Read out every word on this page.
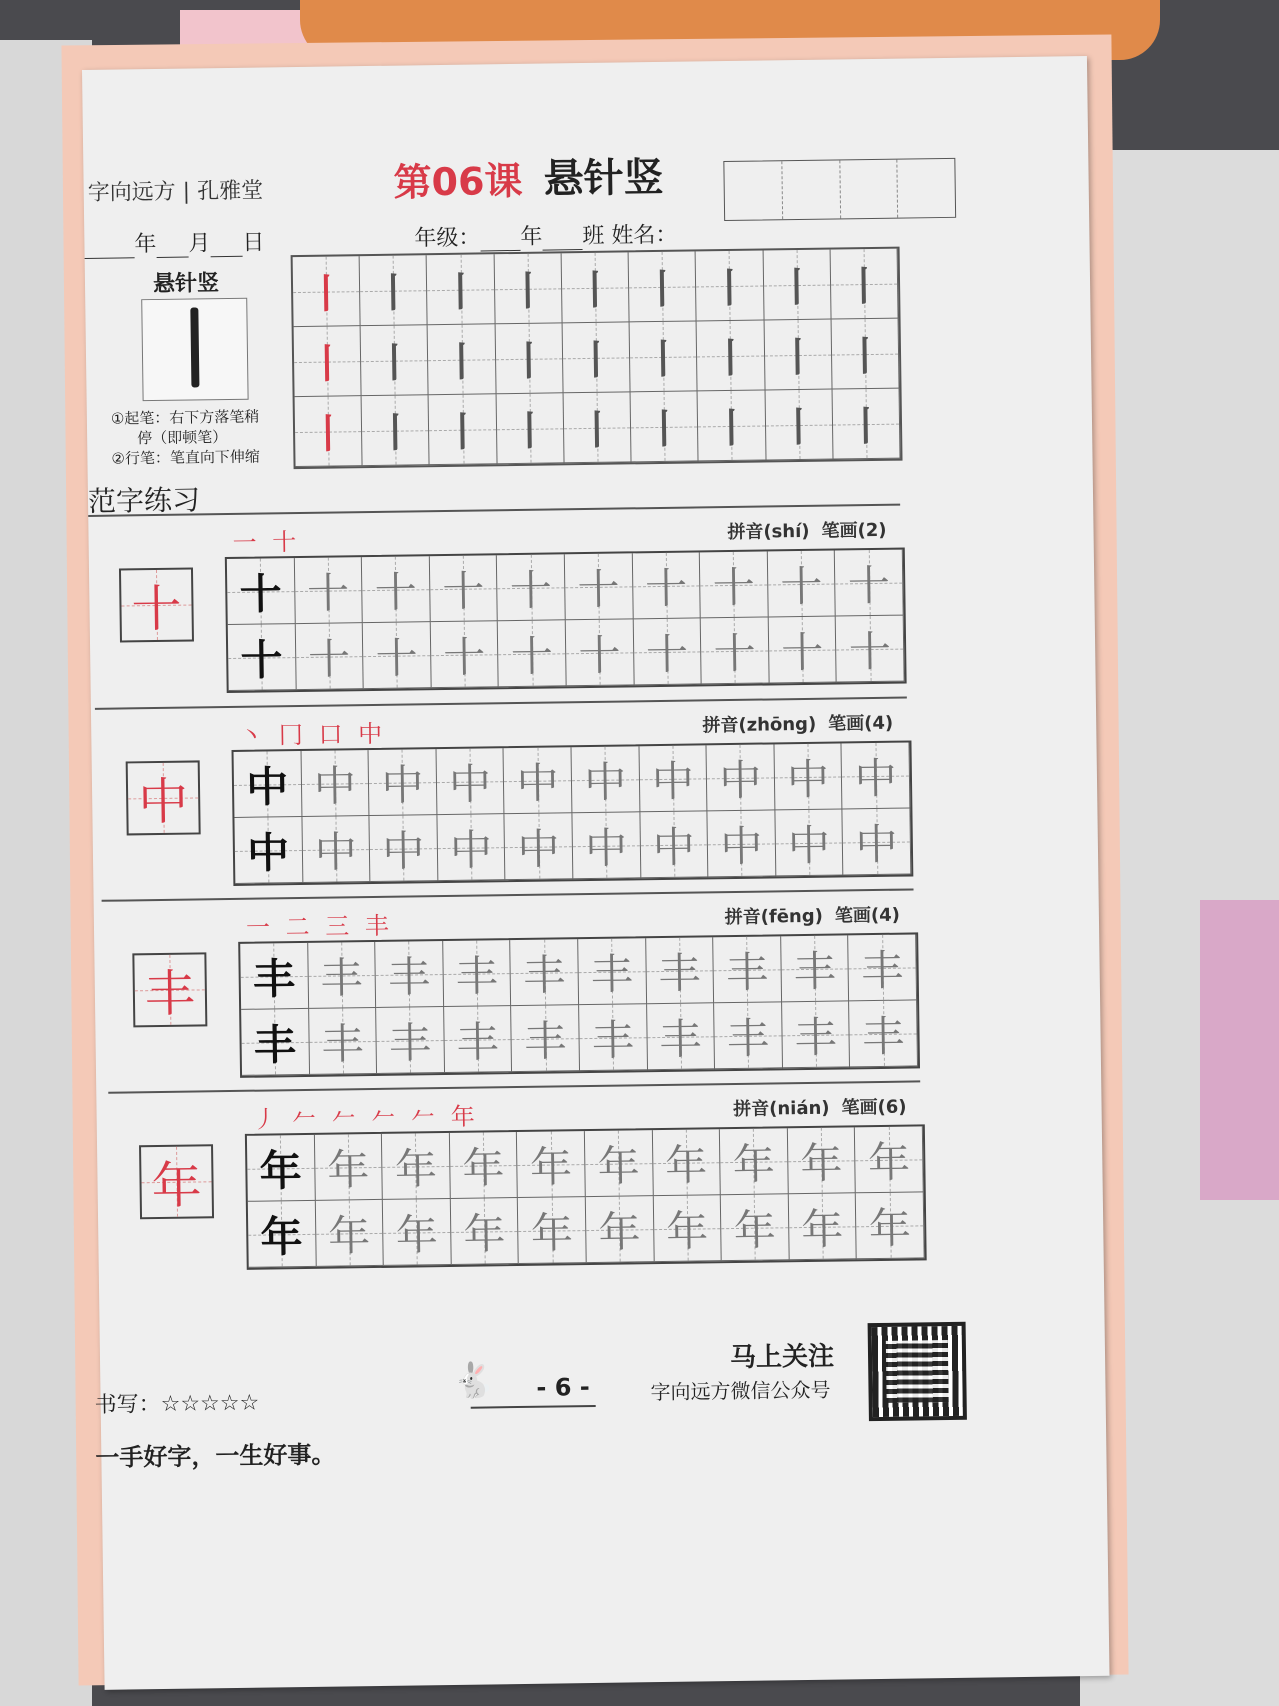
字向远方 | 孔雅堂	第06课 悬针竖
年 月 日	年级： 年 班 姓名：
悬针竖
①起笔：右下方落笔稍
停（即顿笔）
②行笔：笔直向下伸缩
丨 丨 丨 丨 丨 丨 丨 丨 丨
丨 丨 丨 丨 丨 丨 丨 丨 丨
丨 丨 丨 丨 丨 丨 丨 丨 丨
范字练习
十
一 十	拼音(shí) 笔画(2)
十 十 十 十 十 十 十 十 十 十
十 十 十 十 十 十 十 十 十 十
中
丶 冂 口 中	拼音(zhōng) 笔画(4)
中 中 中 中 中 中 中 中 中 中
中 中 中 中 中 中 中 中 中 中
丰
一 二 三 丰	拼音(fēng) 笔画(4)
丰 丰 丰 丰 丰 丰 丰 丰 丰 丰
丰 丰 丰 丰 丰 丰 丰 丰 丰 丰
年
丿 𠂉 𠂉 𠂉 𠂉 年	拼音(nián) 笔画(6)
年 年 年 年 年 年 年 年 年 年
年 年 年 年 年 年 年 年 年 年
书写：☆☆☆☆☆
🐇	- 6 -
马上关注
字向远方微信公众号
一手好字，一生好事。
